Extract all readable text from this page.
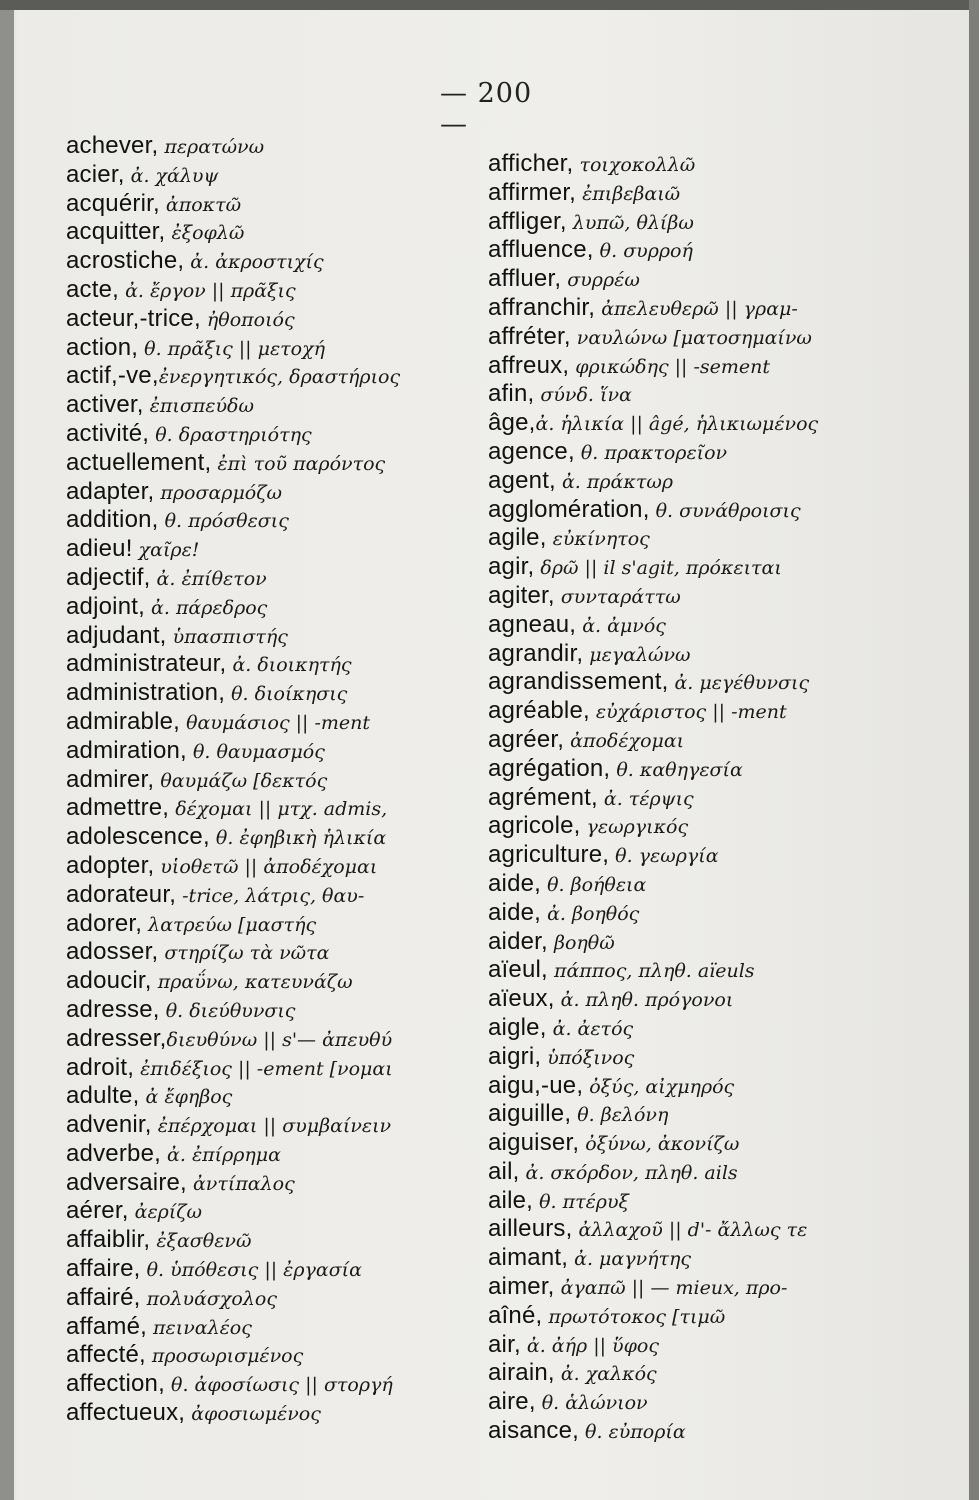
— 200 —
achever, περατώνω
acier, ἀ. χάλυψ
acquérir, ἀποκτῶ
acquitter, ἐξοφλῶ
acrostiche, ἀ. ἀκροστιχίς
acte, ἀ. ἔργον || πρᾶξις
acteur,-trice, ἠθοποιός
action, θ. πρᾶξις || μετοχή
actif,-ve,ἐνεργητικός, δραστήριος
activer, ἐπισπεύδω
activité, θ. δραστηριότης
actuellement, ἐπὶ τοῦ παρόντος
adapter, προσαρμόζω
addition, θ. πρόσθεσις
adieu! χαῖρε!
adjectif, ἀ. ἐπίθετον
adjoint, ἀ. πάρεδρος
adjudant, ὑπασπιστής
administrateur, ἀ. διοικητής
administration, θ. διοίκησις
admirable, θαυμάσιος || -ment
admiration, θ. θαυμασμός
admirer, θαυμάζω [δεκτός
admettre, δέχομαι || μτχ. admis,
adolescence, θ. ἐφηβικὴ ἡλικία
adopter, υἱοθετῶ || ἀποδέχομαι
adorateur, -trice, λάτρις, θαυ-
adorer, λατρεύω [μαστής
adosser, στηρίζω τὰ νῶτα
adoucir, πραΰνω, κατευνάζω
adresse, θ. διεύθυνσις
adresser,διευθύνω || s'— ἀπευθύ
adroit, ἐπιδέξιος || -ement [νομαι
adulte, ἀ ἔφηβος
advenir, ἐπέρχομαι || συμβαίνειν
adverbe, ἀ. ἐπίρρημα
adversaire, ἀντίπαλος
aérer, ἀερίζω
affaiblir, ἐξασθενῶ
affaire, θ. ὑπόθεσις || ἐργασία
affairé, πολυάσχολος
affamé, πειναλέος
affecté, προσωρισμένος
affection, θ. ἀφοσίωσις || στοργή
affectueux, ἀφοσιωμένος
afficher, τοιχοκολλῶ
affirmer, ἐπιβεβαιῶ
affliger, λυπῶ, θλίβω
affluence, θ. συρροή
affluer, συρρέω
affranchir, ἀπελευθερῶ || γραμ-
affréter, ναυλώνω [ματοσημαίνω
affreux, φρικώδης || -sement
afin, σύνδ. ἵνα
âge,ἀ. ἡλικία || âgé, ἡλικιωμένος
agence, θ. πρακτορεῖον
agent, ἀ. πράκτωρ
agglomération, θ. συνάθροισις
agile, εὐκίνητος
agir, δρῶ || il s'agit, πρόκειται
agiter, συνταράττω
agneau, ἀ. ἀμνός
agrandir, μεγαλώνω
agrandissement, ἀ. μεγέθυνσις
agréable, εὐχάριστος || -ment
agréer, ἀποδέχομαι
agrégation, θ. καθηγεσία
agrément, ἀ. τέρψις
agricole, γεωργικός
agriculture, θ. γεωργία
aide, θ. βοήθεια
aide, ἀ. βοηθός
aider, βοηθῶ
aïeul, πάππος, πληθ. aïeuls
aïeux, ἀ. πληθ. πρόγονοι
aigle, ἀ. ἀετός
aigri, ὑπόξινος
aigu,-ue, ὀξύς, αἰχμηρός
aiguille, θ. βελόνη
aiguiser, ὀξύνω, ἀκονίζω
ail, ἀ. σκόρδον, πληθ. ails
aile, θ. πτέρυξ
ailleurs, ἀλλαχοῦ || d'- ἄλλως τε
aimant, ἀ. μαγνήτης
aimer, ἀγαπῶ || — mieux, προ-
aîné, πρωτότοκος [τιμῶ
air, ἀ. ἀήρ || ὕφος
airain, ἀ. χαλκός
aire, θ. ἁλώνιον
aisance, θ. εὐπορία
